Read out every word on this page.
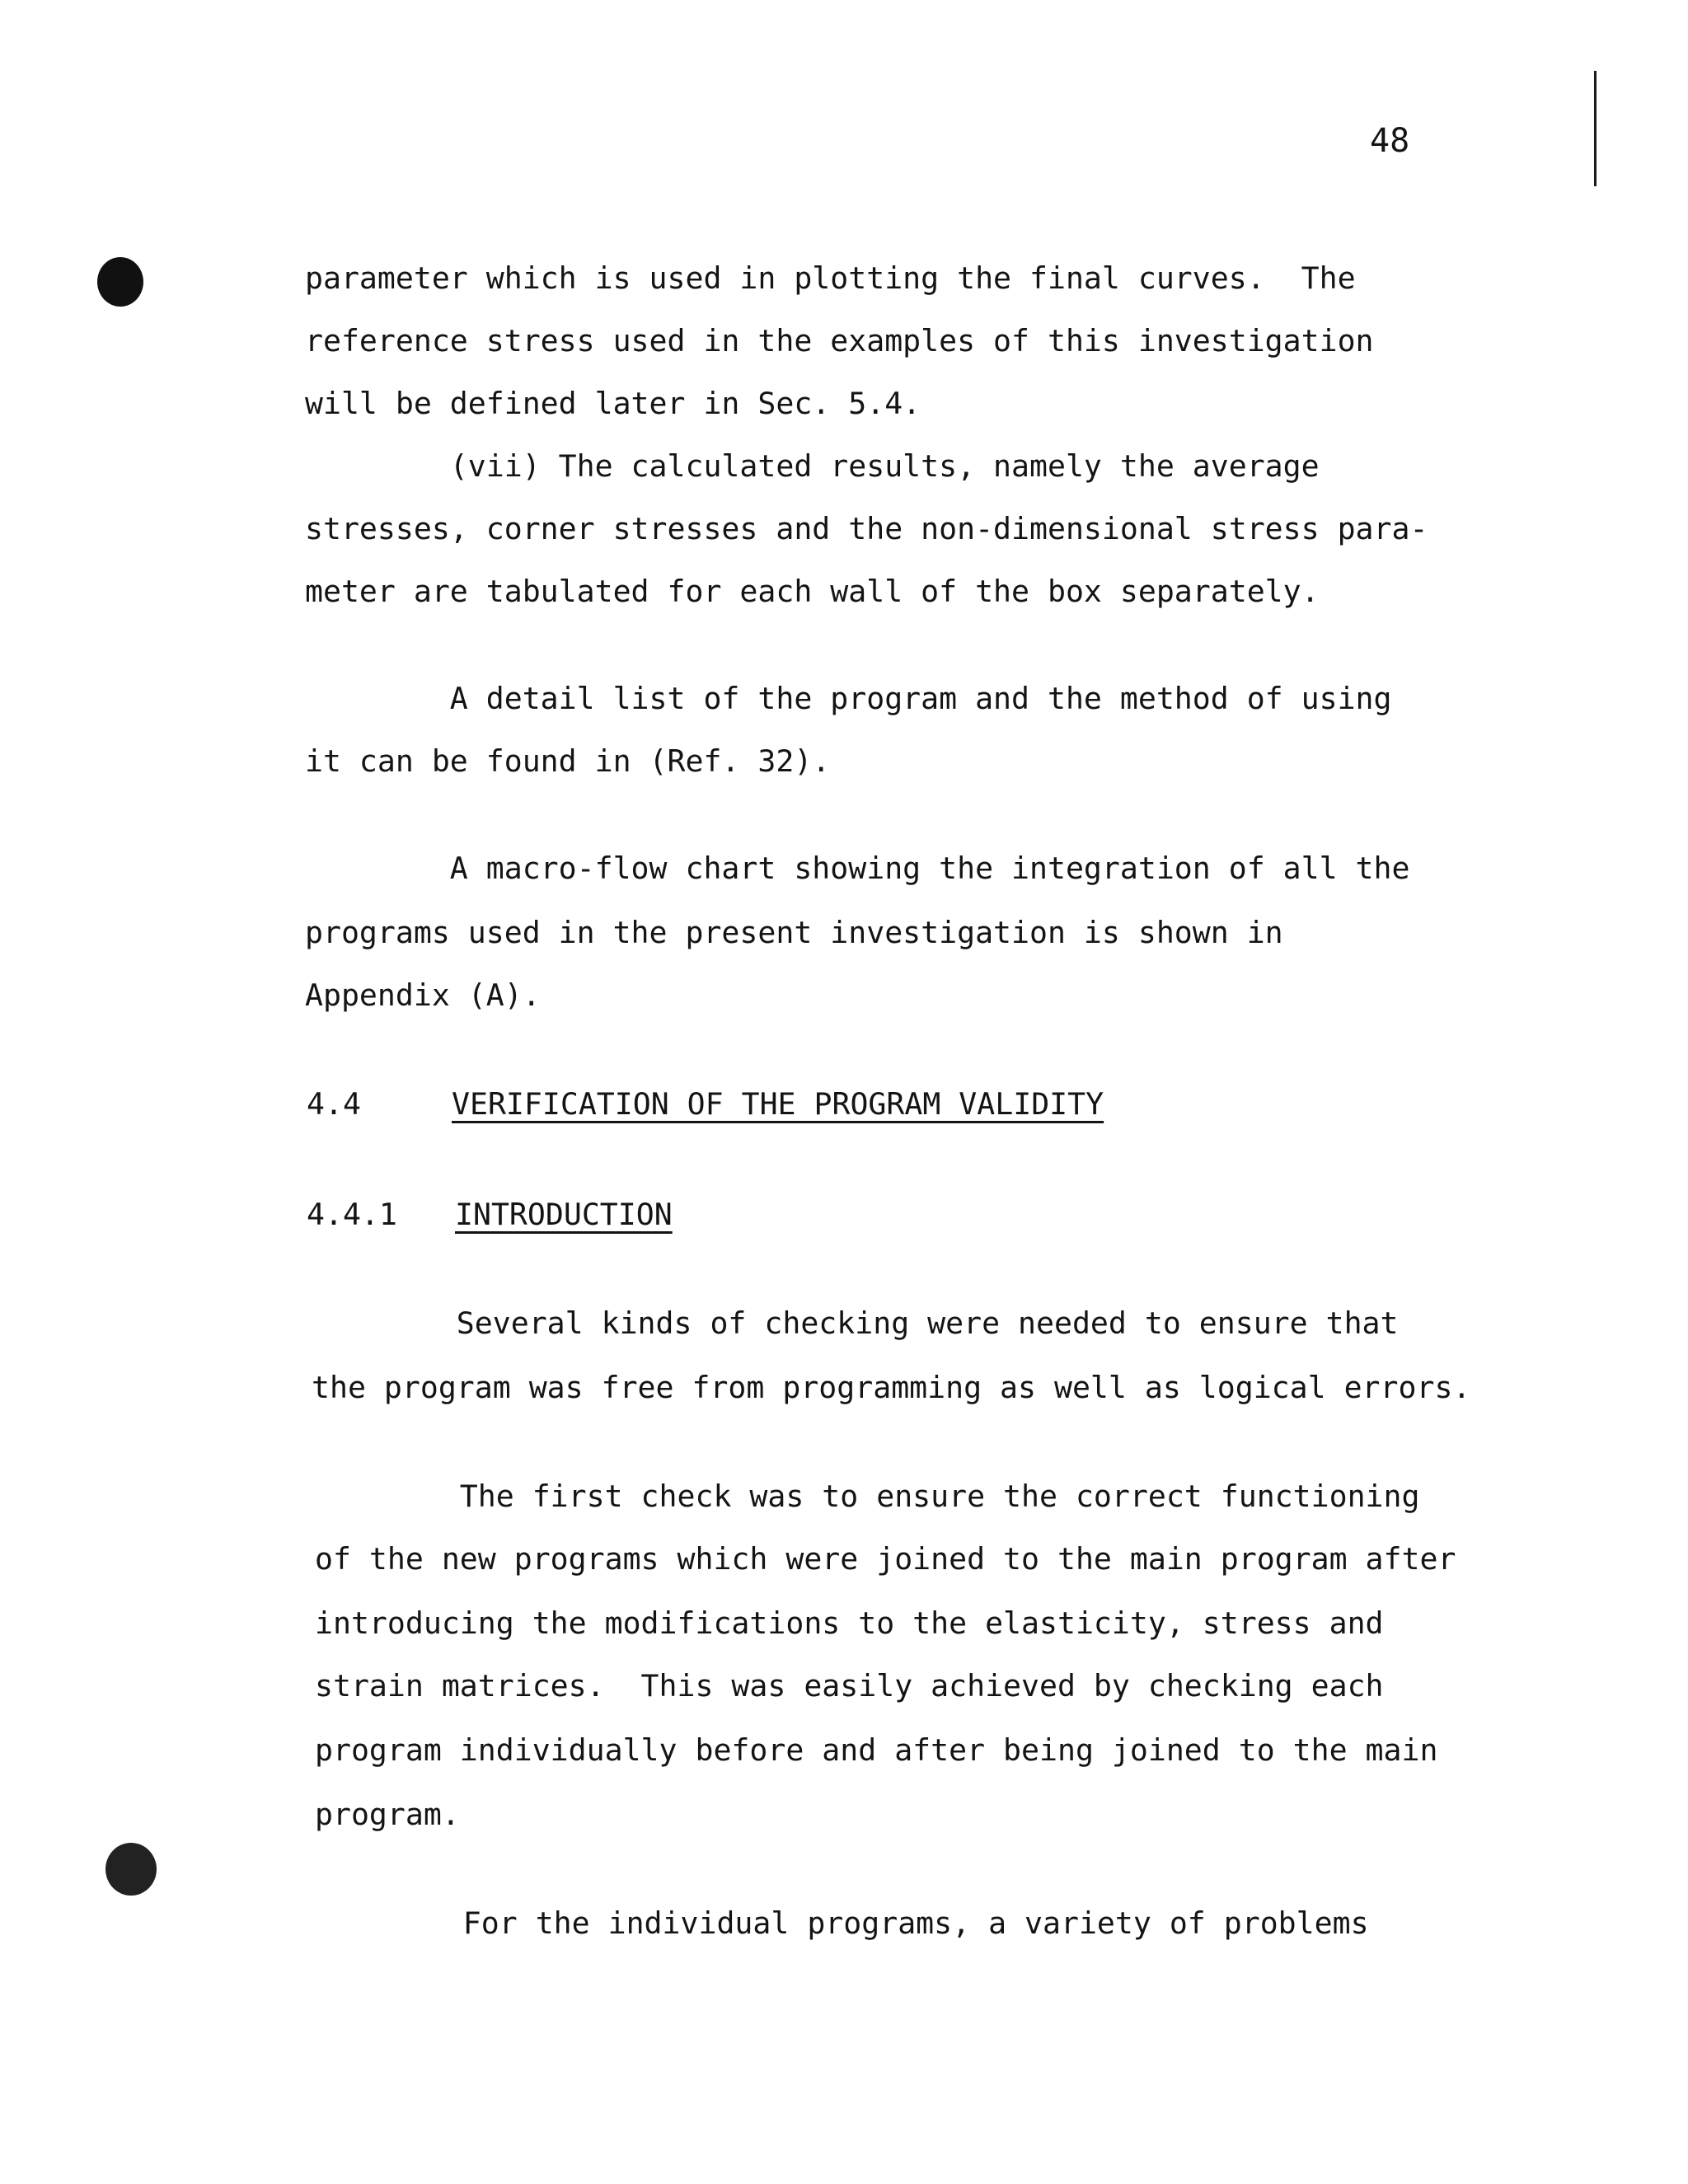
48
parameter which is used in plotting the final curves.  The
reference stress used in the examples of this investigation
will be defined later in Sec. 5.4.
(vii) The calculated results, namely the average
stresses, corner stresses and the non-dimensional stress para-
meter are tabulated for each wall of the box separately.
A detail list of the program and the method of using
it can be found in (Ref. 32).
A macro-flow chart showing the integration of all the
programs used in the present investigation is shown in
Appendix (A).
4.4	VERIFICATION OF THE PROGRAM VALIDITY
4.4.1 INTRODUCTION
Several kinds of checking were needed to ensure that
the program was free from programming as well as logical errors.
The first check was to ensure the correct functioning
of the new programs which were joined to the main program after
introducing the modifications to the elasticity, stress and
strain matrices.  This was easily achieved by checking each
program individually before and after being joined to the main
program.
For the individual programs, a variety of problems
